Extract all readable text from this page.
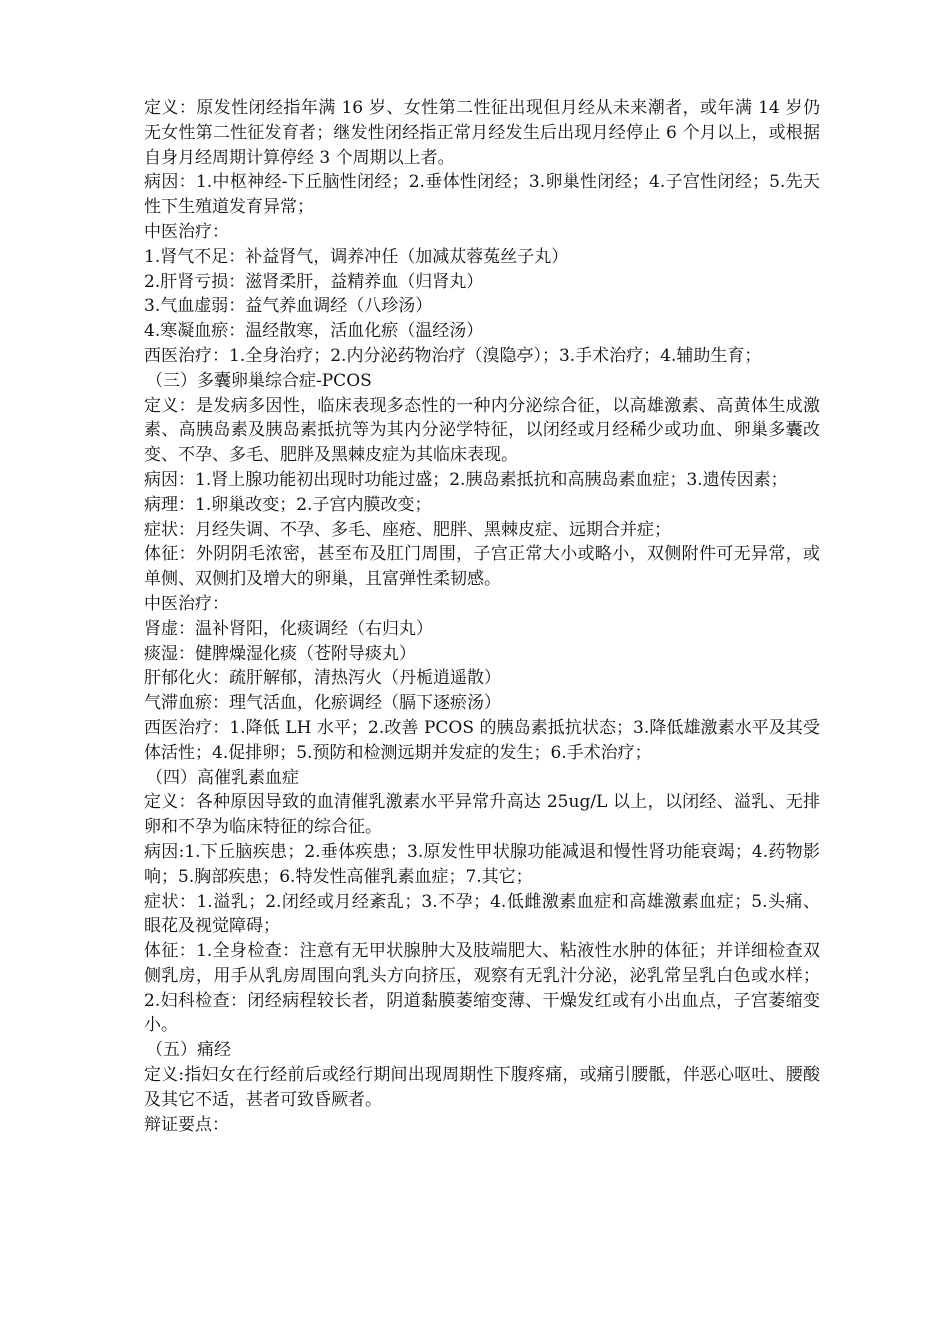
定义：原发性闭经指年满 16 岁、女性第二性征出现但月经从未来潮者，或年满 14 岁仍无女性第二性征发育者；继发性闭经指正常月经发生后出现月经停止 6 个月以上，或根据自身月经周期计算停经 3 个周期以上者。

病因：1.中枢神经-下丘脑性闭经；2.垂体性闭经；3.卵巢性闭经；4.子宫性闭经；5.先天性下生殖道发育异常；

中医治疗：

1.肾气不足：补益肾气，调养冲任（加减苁蓉菟丝子丸）

2.肝肾亏损：滋肾柔肝，益精养血（归肾丸）

3.气血虚弱：益气养血调经（八珍汤）

4.寒凝血瘀：温经散寒，活血化瘀（温经汤）

西医治疗：1.全身治疗；2.内分泌药物治疗（溴隐亭）；3.手术治疗；4.辅助生育；

（三）多囊卵巢综合症-PCOS

定义：是发病多因性，临床表现多态性的一种内分泌综合征，以高雄激素、高黄体生成激素、高胰岛素及胰岛素抵抗等为其内分泌学特征，以闭经或月经稀少或功血、卵巢多囊改变、不孕、多毛、肥胖及黑棘皮症为其临床表现。

病因：1.肾上腺功能初出现时功能过盛；2.胰岛素抵抗和高胰岛素血症；3.遗传因素；

病理：1.卵巢改变；2.子宫内膜改变；

症状：月经失调、不孕、多毛、座疮、肥胖、黑棘皮症、远期合并症；

体征：外阴阴毛浓密，甚至布及肛门周围，子宫正常大小或略小，双侧附件可无异常，或单侧、双侧扪及增大的卵巢，且富弹性柔韧感。

中医治疗：

肾虚：温补肾阳，化痰调经（右归丸）

痰湿：健脾燥湿化痰（苍附导痰丸）

肝郁化火：疏肝解郁，清热泻火（丹栀逍遥散）

气滞血瘀：理气活血，化瘀调经（膈下逐瘀汤）

西医治疗：1.降低 LH 水平；2.改善 PCOS 的胰岛素抵抗状态；3.降低雄激素水平及其受体活性；4.促排卵；5.预防和检测远期并发症的发生；6.手术治疗；

（四）高催乳素血症

定义：各种原因导致的血清催乳激素水平异常升高达 25ug/L 以上，以闭经、溢乳、无排卵和不孕为临床特征的综合征。

病因:1.下丘脑疾患；2.垂体疾患；3.原发性甲状腺功能减退和慢性肾功能衰竭；4.药物影响；5.胸部疾患；6.特发性高催乳素血症；7.其它；

症状：1.溢乳；2.闭经或月经紊乱；3.不孕；4.低雌激素血症和高雄激素血症；5.头痛、眼花及视觉障碍；

体征：1.全身检查：注意有无甲状腺肿大及肢端肥大、粘液性水肿的体征；并详细检查双侧乳房，用手从乳房周围向乳头方向挤压，观察有无乳汁分泌，泌乳常呈乳白色或水样；2.妇科检查：闭经病程较长者，阴道黏膜萎缩变薄、干燥发红或有小出血点，子宫萎缩变小。

（五）痛经

定义:指妇女在行经前后或经行期间出现周期性下腹疼痛，或痛引腰骶，伴恶心呕吐、腰酸及其它不适，甚者可致昏厥者。

辩证要点：
